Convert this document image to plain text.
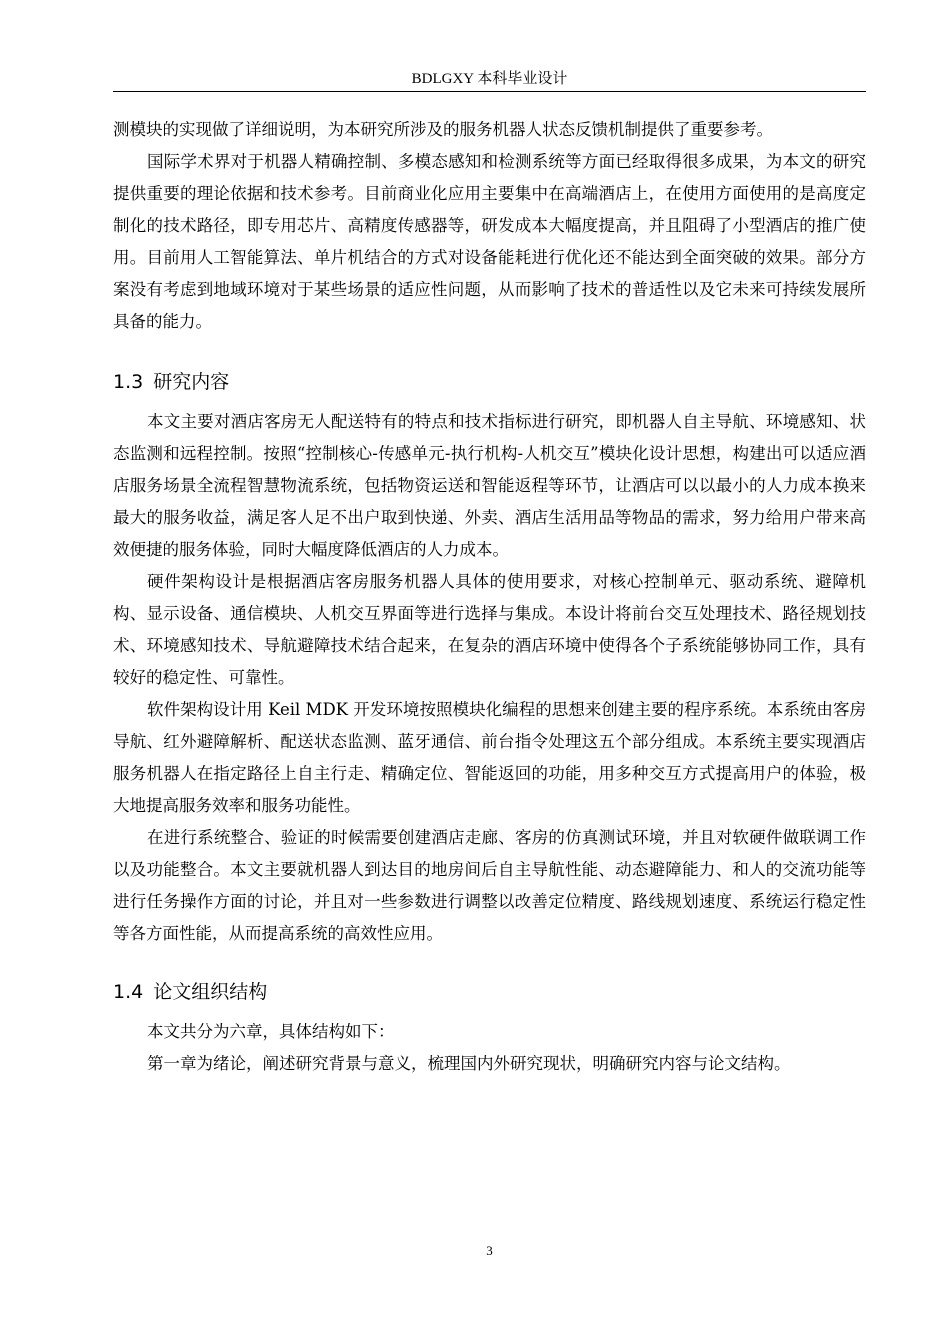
BDLGXY 本科毕业设计

测模块的实现做了详细说明，为本研究所涉及的服务机器人状态反馈机制提供了重要参考。

国际学术界对于机器人精确控制、多模态感知和检测系统等方面已经取得很多成果，为本文的研究提供重要的理论依据和技术参考。目前商业化应用主要集中在高端酒店上，在使用方面使用的是高度定制化的技术路径，即专用芯片、高精度传感器等，研发成本大幅度提高，并且阻碍了小型酒店的推广使用。目前用人工智能算法、单片机结合的方式对设备能耗进行优化还不能达到全面突破的效果。部分方案没有考虑到地域环境对于某些场景的适应性问题，从而影响了技术的普适性以及它未来可持续发展所具备的能力。

1.3 研究内容

本文主要对酒店客房无人配送特有的特点和技术指标进行研究，即机器人自主导航、环境感知、状态监测和远程控制。按照“控制核心-传感单元-执行机构-人机交互”模块化设计思想，构建出可以适应酒店服务场景全流程智慧物流系统，包括物资运送和智能返程等环节，让酒店可以以最小的人力成本换来最大的服务收益，满足客人足不出户取到快递、外卖、酒店生活用品等物品的需求，努力给用户带来高效便捷的服务体验，同时大幅度降低酒店的人力成本。

硬件架构设计是根据酒店客房服务机器人具体的使用要求，对核心控制单元、驱动系统、避障机构、显示设备、通信模块、人机交互界面等进行选择与集成。本设计将前台交互处理技术、路径规划技术、环境感知技术、导航避障技术结合起来，在复杂的酒店环境中使得各个子系统能够协同工作，具有较好的稳定性、可靠性。

软件架构设计用 Keil MDK 开发环境按照模块化编程的思想来创建主要的程序系统。本系统由客房导航、红外避障解析、配送状态监测、蓝牙通信、前台指令处理这五个部分组成。本系统主要实现酒店服务机器人在指定路径上自主行走、精确定位、智能返回的功能，用多种交互方式提高用户的体验，极大地提高服务效率和服务功能性。

在进行系统整合、验证的时候需要创建酒店走廊、客房的仿真测试环境，并且对软硬件做联调工作以及功能整合。本文主要就机器人到达目的地房间后自主导航性能、动态避障能力、和人的交流功能等进行任务操作方面的讨论，并且对一些参数进行调整以改善定位精度、路线规划速度、系统运行稳定性等各方面性能，从而提高系统的高效性应用。

1.4 论文组织结构

本文共分为六章，具体结构如下：

第一章为绪论，阐述研究背景与意义，梳理国内外研究现状，明确研究内容与论文结构。

3
